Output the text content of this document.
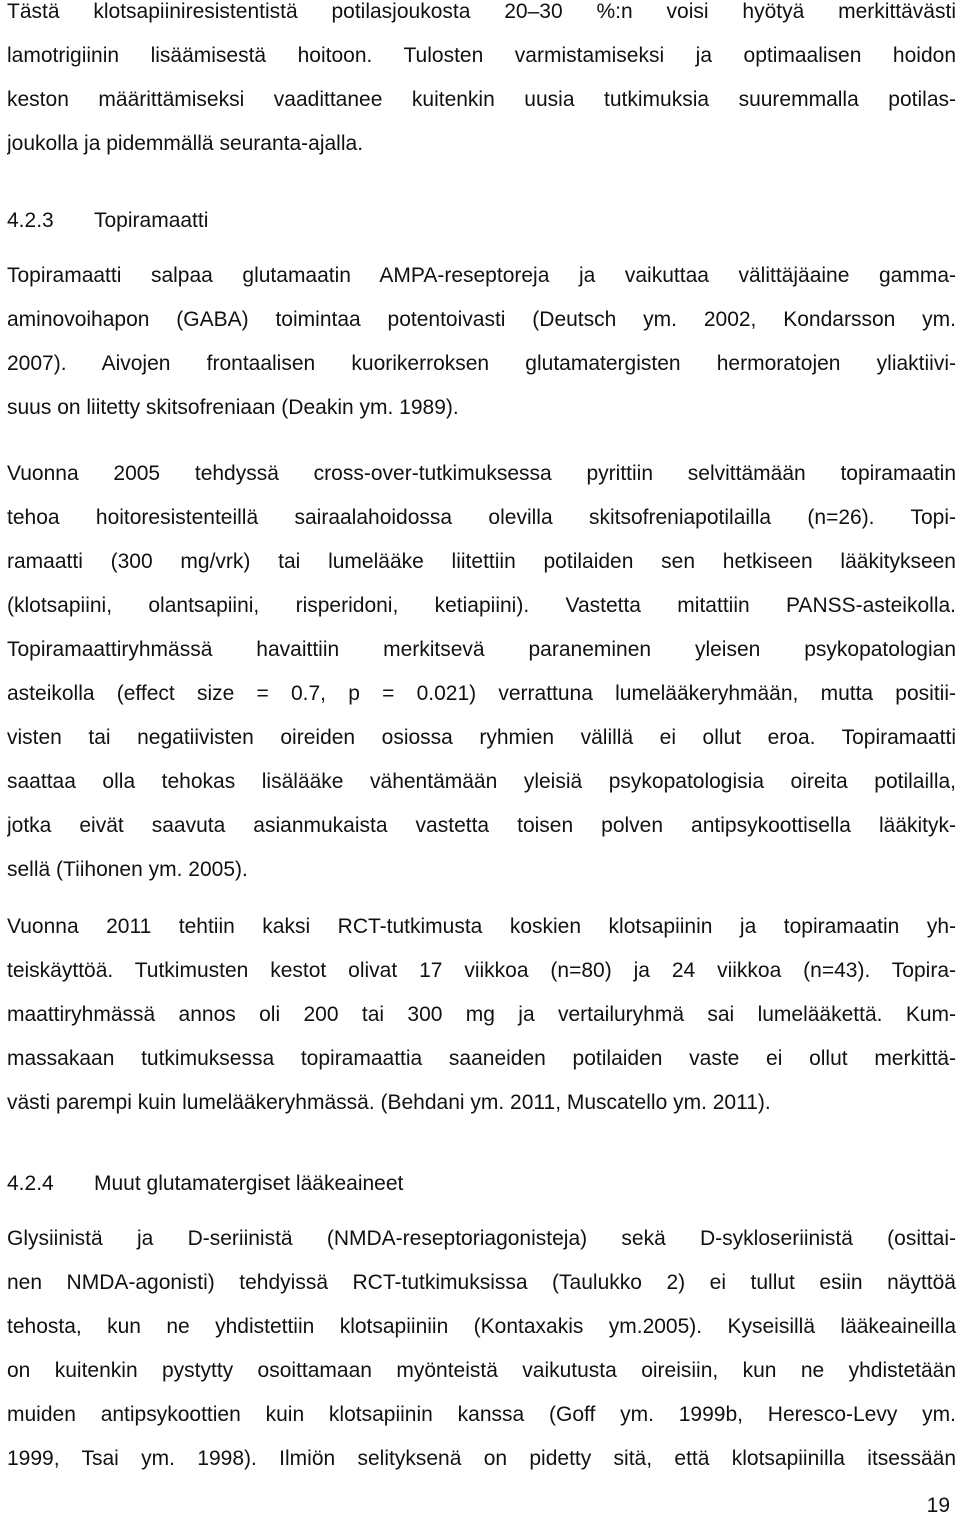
Tästä klotsapiiniresistentistä potilasjoukosta 20–30 %:n voisi hyötyä merkittävästi
lamotrigiinin lisäämisestä hoitoon. Tulosten varmistamiseksi ja optimaalisen hoidon
keston määrittämiseksi vaadittanee kuitenkin uusia tutkimuksia suuremmalla potilas-
joukolla ja pidemmällä seuranta-ajalla.
4.2.3 Topiramaatti
Topiramaatti salpaa glutamaatin AMPA-reseptoreja ja vaikuttaa välittäjäaine gamma-
aminovoihapon (GABA) toimintaa potentoivasti (Deutsch ym. 2002, Kondarsson ym.
2007). Aivojen frontaalisen kuorikerroksen glutamatergisten hermoratojen yliaktiivi-
suus on liitetty skitsofreniaan (Deakin ym. 1989).
Vuonna 2005 tehdyssä cross-over-tutkimuksessa pyrittiin selvittämään topiramaatin
tehoa hoitoresistenteillä sairaalahoidossa olevilla skitsofreniapotilailla (n=26). Topi-
ramaatti (300 mg/vrk) tai lumelääke liitettiin potilaiden sen hetkiseen lääkitykseen
(klotsapiini, olantsapiini, risperidoni, ketiapiini). Vastetta mitattiin PANSS-asteikolla.
Topiramaattiryhmässä havaittiin merkitsevä paraneminen yleisen psykopatologian
asteikolla (effect size = 0.7, p = 0.021) verrattuna lumelääkeryhmään, mutta positii-
visten tai negatiivisten oireiden osiossa ryhmien välillä ei ollut eroa. Topiramaatti
saattaa olla tehokas lisälääke vähentämään yleisiä psykopatologisia oireita potilailla,
jotka eivät saavuta asianmukaista vastetta toisen polven antipsykoottisella lääkityk-
sellä (Tiihonen ym. 2005).
Vuonna 2011 tehtiin kaksi RCT-tutkimusta koskien klotsapiinin ja topiramaatin yh-
teiskäyttöä. Tutkimusten kestot olivat 17 viikkoa (n=80) ja 24 viikkoa (n=43). Topira-
maattiryhmässä annos oli 200 tai 300 mg ja vertailuryhmä sai lumelääkettä. Kum-
massakaan tutkimuksessa topiramaattia saaneiden potilaiden vaste ei ollut merkittä-
västi parempi kuin lumelääkeryhmässä. (Behdani ym. 2011, Muscatello ym. 2011).
4.2.4 Muut glutamatergiset lääkeaineet
Glysiinistä ja D-seriinistä (NMDA-reseptoriagonisteja) sekä D-sykloseriinistä (osittai-
nen NMDA-agonisti) tehdyissä RCT-tutkimuksissa (Taulukko 2) ei tullut esiin näyttöä
tehosta, kun ne yhdistettiin klotsapiiniin (Kontaxakis ym.2005). Kyseisillä lääkeaineilla
on kuitenkin pystytty osoittamaan myönteistä vaikutusta oireisiin, kun ne yhdistetään
muiden antipsykoottien kuin klotsapiinin kanssa (Goff ym. 1999b, Heresco-Levy ym.
1999, Tsai ym. 1998). Ilmiön selityksenä on pidetty sitä, että klotsapiinilla itsessään
19
